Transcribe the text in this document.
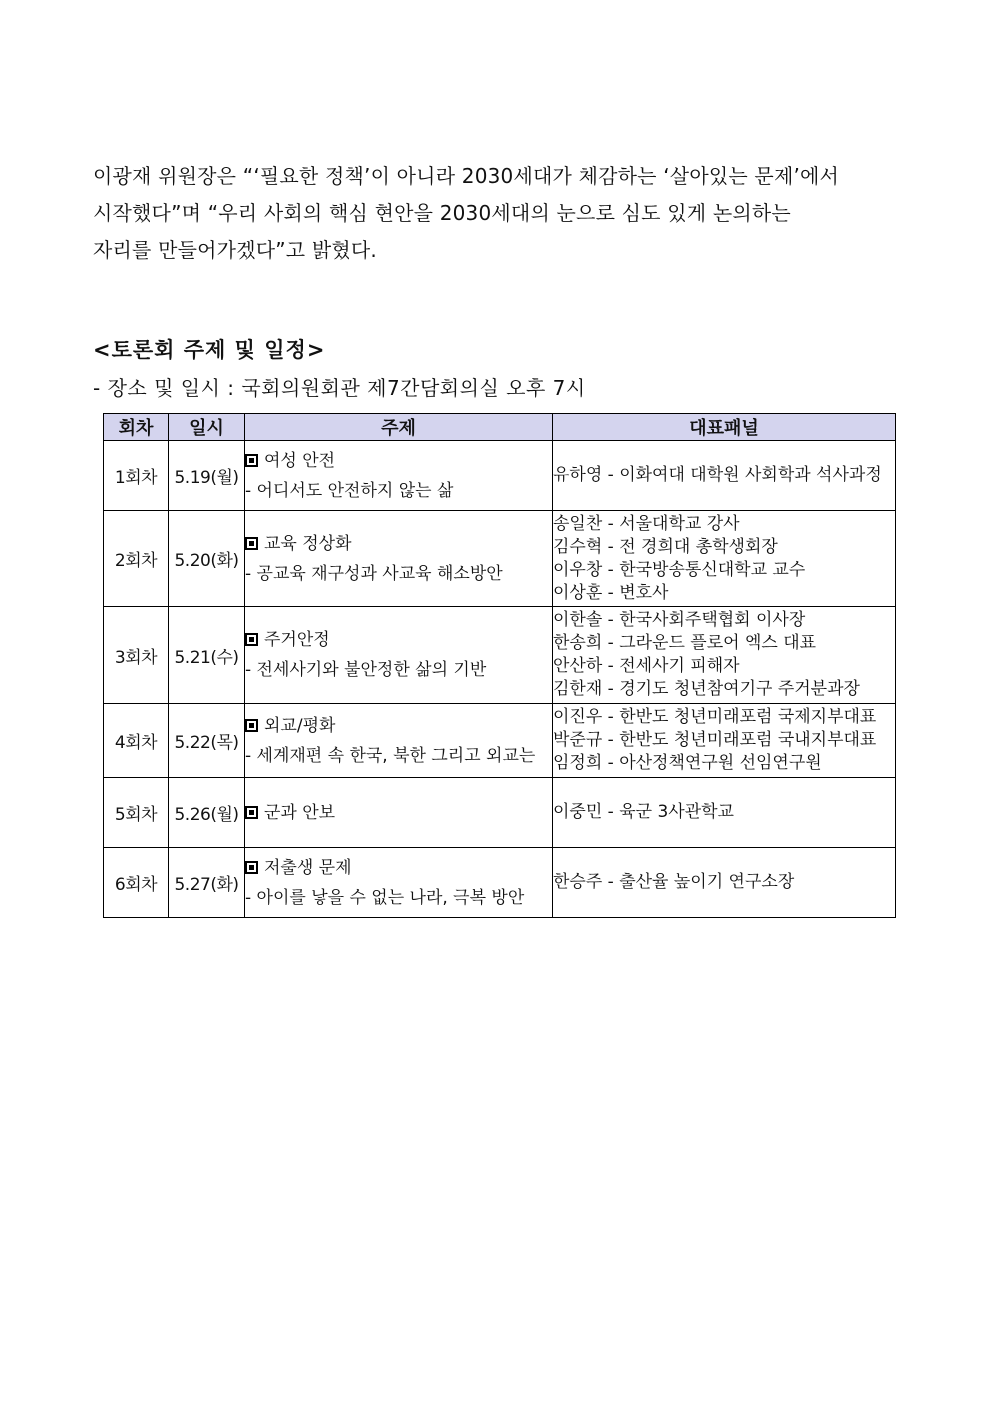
이광재 위원장은 “‘필요한 정책’이 아니라 2030세대가 체감하는 ‘살아있는 문제’에서
시작했다”며 “우리 사회의 핵심 현안을 2030세대의 눈으로 심도 있게 논의하는
자리를 만들어가겠다”고 밝혔다.
<토론회 주제 및 일정>
- 장소 및 일시 : 국회의원회관 제7간담회의실 오후 7시
회차	일시	주제	대표패널
1회차	5.19(월)	여성 안전
- 어디서도 안전하지 않는 삶	유하영 - 이화여대 대학원 사회학과 석사과정

2회차	5.20(화)	교육 정상화
- 공교육 재구성과 사교육 해소방안	송일찬 - 서울대학교 강사
김수혁 - 전 경희대 총학생회장
이우창 - 한국방송통신대학교 교수
이상훈 - 변호사

3회차	5.21(수)	주거안정
- 전세사기와 불안정한 삶의 기반	이한솔 - 한국사회주택협회 이사장
한송희 - 그라운드 플로어 엑스 대표
안산하 - 전세사기 피해자
김한재 - 경기도 청년참여기구 주거분과장

4회차	5.22(목)	외교/평화
- 세계재편 속 한국, 북한 그리고 외교는	이진우 - 한반도 청년미래포럼 국제지부대표
박준규 - 한반도 청년미래포럼 국내지부대표
임정희 - 아산정책연구원 선임연구원

5회차	5.26(월)	군과 안보	이중민 - 육군 3사관학교

6회차	5.27(화)	저출생 문제
- 아이를 낳을 수 없는 나라, 극복 방안	한승주 - 출산율 높이기 연구소장
